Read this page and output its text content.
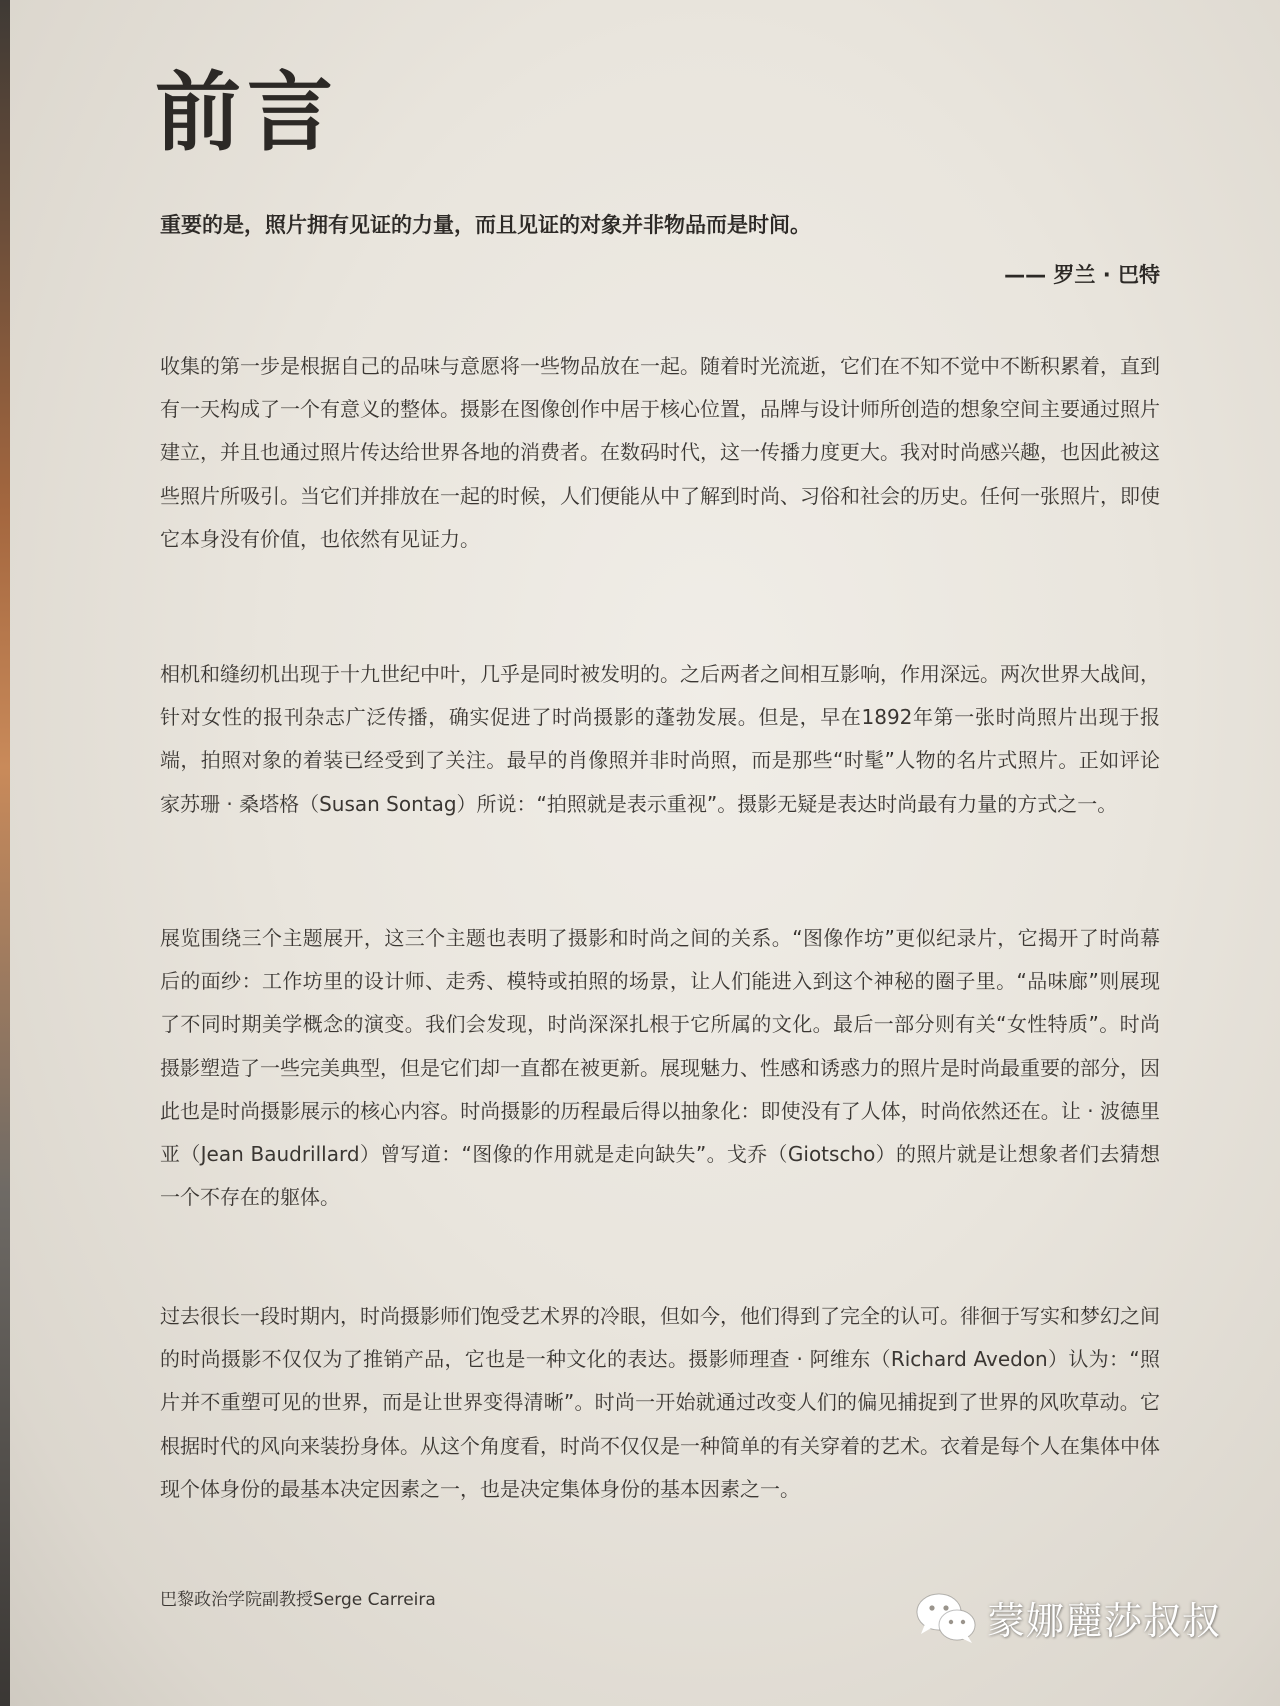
前言
重要的是，照片拥有见证的力量，而且见证的对象并非物品而是时间。
—— 罗兰 · 巴特

收集的第一步是根据自己的品味与意愿将一些物品放在一起。随着时光流逝，它们在不知不觉中不断积累着，直到有一天构成了一个有意义的整体。摄影在图像创作中居于核心位置，品牌与设计师所创造的想象空间主要通过照片建立，并且也通过照片传达给世界各地的消费者。在数码时代，这一传播力度更大。我对时尚感兴趣，也因此被这些照片所吸引。当它们并排放在一起的时候，人们便能从中了解到时尚、习俗和社会的历史。任何一张照片，即使它本身没有价值，也依然有见证力。

相机和缝纫机出现于十九世纪中叶，几乎是同时被发明的。之后两者之间相互影响，作用深远。两次世界大战间，针对女性的报刊杂志广泛传播，确实促进了时尚摄影的蓬勃发展。但是，早在1892年第一张时尚照片出现于报端，拍照对象的着装已经受到了关注。最早的肖像照并非时尚照，而是那些“时髦”人物的名片式照片。正如评论家苏珊 · 桑塔格（Susan Sontag）所说：“拍照就是表示重视”。摄影无疑是表达时尚最有力量的方式之一。

展览围绕三个主题展开，这三个主题也表明了摄影和时尚之间的关系。“图像作坊”更似纪录片，它揭开了时尚幕后的面纱：工作坊里的设计师、走秀、模特或拍照的场景，让人们能进入到这个神秘的圈子里。“品味廊”则展现了不同时期美学概念的演变。我们会发现，时尚深深扎根于它所属的文化。最后一部分则有关“女性特质”。时尚摄影塑造了一些完美典型，但是它们却一直都在被更新。展现魅力、性感和诱惑力的照片是时尚最重要的部分，因此也是时尚摄影展示的核心内容。时尚摄影的历程最后得以抽象化：即使没有了人体，时尚依然还在。让 · 波德里亚（Jean Baudrillard）曾写道：“图像的作用就是走向缺失”。戈乔（Giotscho）的照片就是让想象者们去猜想一个不存在的躯体。

过去很长一段时期内，时尚摄影师们饱受艺术界的冷眼，但如今，他们得到了完全的认可。徘徊于写实和梦幻之间的时尚摄影不仅仅为了推销产品，它也是一种文化的表达。摄影师理查 · 阿维东（Richard Avedon）认为：“照片并不重塑可见的世界，而是让世界变得清晰”。时尚一开始就通过改变人们的偏见捕捉到了世界的风吹草动。它根据时代的风向来装扮身体。从这个角度看，时尚不仅仅是一种简单的有关穿着的艺术。衣着是每个人在集体中体现个体身份的最基本决定因素之一，也是决定集体身份的基本因素之一。

巴黎政治学院副教授Serge Carreira	蒙娜麗莎叔叔
